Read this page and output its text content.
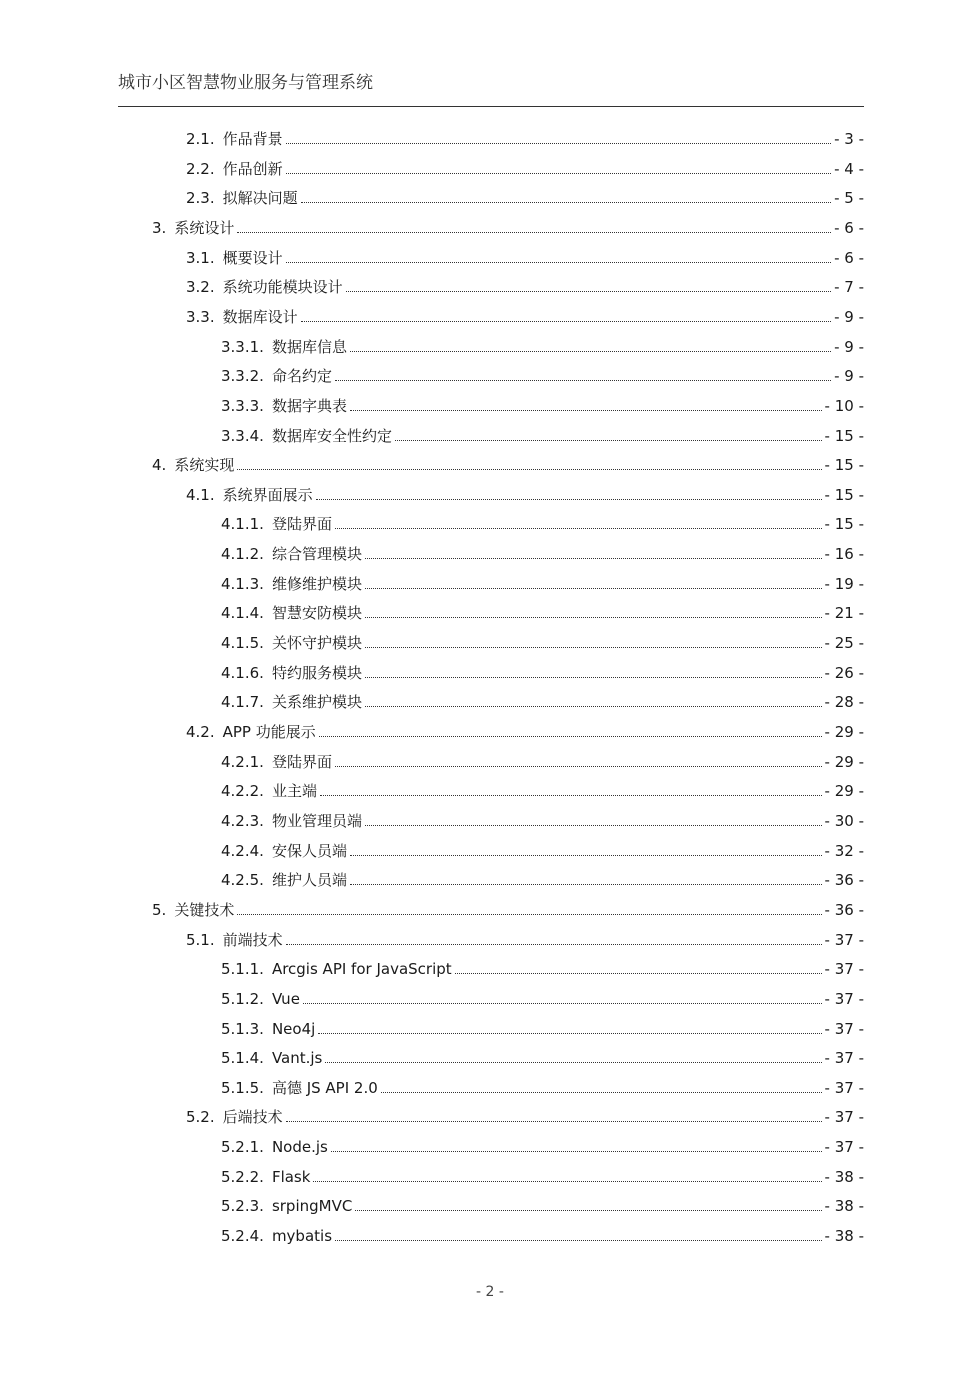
城市小区智慧物业服务与管理系统
2.1. 作品背景	- 3 -
2.2. 作品创新	- 4 -
2.3. 拟解决问题	- 5 -
3. 系统设计	- 6 -
3.1. 概要设计	- 6 -
3.2. 系统功能模块设计	- 7 -
3.3. 数据库设计	- 9 -
3.3.1. 数据库信息	- 9 -
3.3.2. 命名约定	- 9 -
3.3.3. 数据字典表	- 10 -
3.3.4. 数据库安全性约定	- 15 -
4. 系统实现	- 15 -
4.1. 系统界面展示	- 15 -
4.1.1. 登陆界面	- 15 -
4.1.2. 综合管理模块	- 16 -
4.1.3. 维修维护模块	- 19 -
4.1.4. 智慧安防模块	- 21 -
4.1.5. 关怀守护模块	- 25 -
4.1.6. 特约服务模块	- 26 -
4.1.7. 关系维护模块	- 28 -
4.2. APP 功能展示	- 29 -
4.2.1. 登陆界面	- 29 -
4.2.2. 业主端	- 29 -
4.2.3. 物业管理员端	- 30 -
4.2.4. 安保人员端	- 32 -
4.2.5. 维护人员端	- 36 -
5. 关键技术	- 36 -
5.1. 前端技术	- 37 -
5.1.1. Arcgis API for JavaScript	- 37 -
5.1.2. Vue	- 37 -
5.1.3. Neo4j	- 37 -
5.1.4. Vant.js	- 37 -
5.1.5. 高德 JS API 2.0	- 37 -
5.2. 后端技术	- 37 -
5.2.1. Node.js	- 37 -
5.2.2. Flask	- 38 -
5.2.3. srpingMVC	- 38 -
5.2.4. mybatis	- 38 -
- 2 -
